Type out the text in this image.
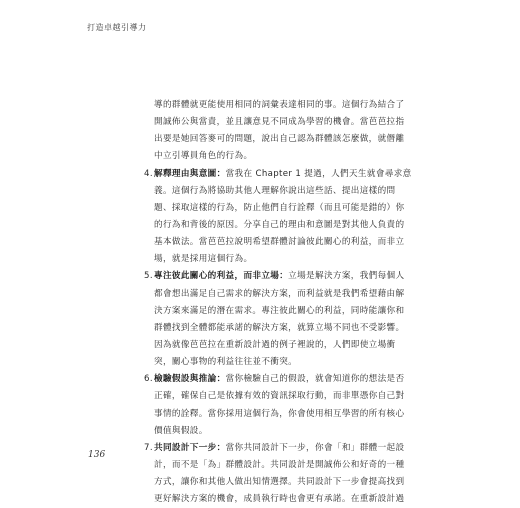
打造卓越引導力
導的群體就更能使用相同的詞彙表達相同的事。這個行為結合了
開誠佈公與當責，並且讓意見不同成為學習的機會。當芭芭拉指
出要是她回答麥可的問題，說出自己認為群體該怎麼做，就僭離
中立引導員角色的行為。
4.解釋理由與意圖：當我在 Chapter 1 提過，人們天生就會尋求意
義。這個行為將協助其他人理解你說出這些話、提出這樣的問
題、採取這樣的行為，防止他們自行詮釋（而且可能是錯的）你
的行為和背後的原因。分享自己的理由和意圖是對其他人負責的
基本做法。當芭芭拉說明希望群體討論彼此關心的利益，而非立
場，就是採用這個行為。
5.專注彼此關心的利益，而非立場：立場是解決方案，我們每個人
都會想出滿足自己需求的解決方案，而利益就是我們希望藉由解
決方案來滿足的潛在需求。專注彼此關心的利益，同時能讓你和
群體找到全體都能承諾的解決方案，就算立場不同也不受影響。
因為就像芭芭拉在重新設計過的例子裡說的，人們即使立場衝
突，關心事物的利益往往並不衝突。
6.檢驗假設與推論：當你檢驗自己的假設，就會知道你的想法是否
正確，確保自己是依據有效的資訊採取行動，而非單憑你自己對
事情的詮釋。當你採用這個行為，你會使用相互學習的所有核心
價值與假設。
7.共同設計下一步：當你共同設計下一步，你會「和」群體一起設
計，而不是「為」群體設計。共同設計是開誠佈公和好奇的一種
方式，讓你和其他人做出知情選擇。共同設計下一步會提高找到
更好解決方案的機會，成員執行時也會更有承諾。在重新設計過
136
